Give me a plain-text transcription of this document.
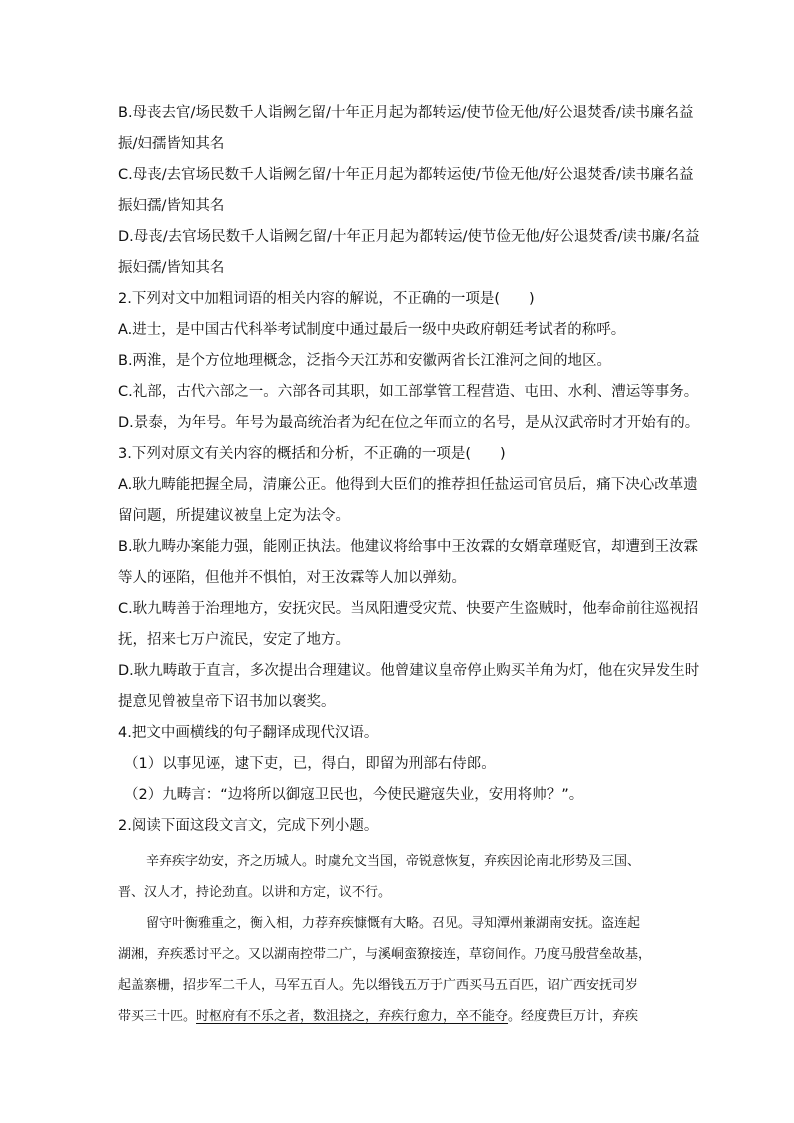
B.母丧去官/场民数千人诣阙乞留/十年正月起为都转运/使节俭无他/好公退焚香/读书廉名益
振/妇孺皆知其名
C.母丧/去官场民数千人诣阙乞留/十年正月起为都转运使/节俭无他/好公退焚香/读书廉名益
振妇孺/皆知其名
D.母丧/去官场民数千人诣阙乞留/十年正月起为都转运/使节俭无他/好公退焚香/读书廉/名益
振妇孺/皆知其名
2.下列对文中加粗词语的相关内容的解说，不正确的一项是(　　)
A.进士，是中国古代科举考试制度中通过最后一级中央政府朝廷考试者的称呼。
B.两淮，是个方位地理概念，泛指今天江苏和安徽两省长江淮河之间的地区。
C.礼部，古代六部之一。六部各司其职，如工部掌管工程营造、屯田、水利、漕运等事务。
D.景泰，为年号。年号为最高统治者为纪在位之年而立的名号，是从汉武帝时才开始有的。
3.下列对原文有关内容的概括和分析，不正确的一项是(　　)
A.耿九畴能把握全局，清廉公正。他得到大臣们的推荐担任盐运司官员后，痛下决心改革遗
留问题，所提建议被皇上定为法令。
B.耿九畴办案能力强，能刚正执法。他建议将给事中王汝霖的女婿章瑾贬官，却遭到王汝霖
等人的诬陷，但他并不惧怕，对王汝霖等人加以弹劾。
C.耿九畴善于治理地方，安抚灾民。当凤阳遭受灾荒、快要产生盗贼时，他奉命前往巡视招
抚，招来七万户流民，安定了地方。
D.耿九畴敢于直言，多次提出合理建议。他曾建议皇帝停止购买羊角为灯，他在灾异发生时
提意见曾被皇帝下诏书加以褒奖。
4.把文中画横线的句子翻译成现代汉语。
（1）以事见诬，逮下吏，已，得白，即留为刑部右侍郎。
（2）九畴言：“边将所以御寇卫民也，今使民避寇失业，安用将帅？”。
2.阅读下面这段文言文，完成下列小题。
辛弃疾字幼安，齐之历城人。时虞允文当国，帝锐意恢复，弃疾因论南北形势及三国、
晋、汉人才，持论劲直。以讲和方定，议不行。
留守叶衡雅重之，衡入相，力荐弃疾慷慨有大略。召见。寻知潭州兼湖南安抚。盗连起
湖湘，弃疾悉讨平之。又以湖南控带二广，与溪峒蛮獠接连，草窃间作。乃度马殷营垒故基，
起盖寨栅，招步军二千人，马军五百人。先以缗钱五万于广西买马五百匹，诏广西安抚司岁
带买三十匹。时枢府有不乐之者，数沮挠之，弃疾行愈力，卒不能夺。经度费巨万计，弃疾
